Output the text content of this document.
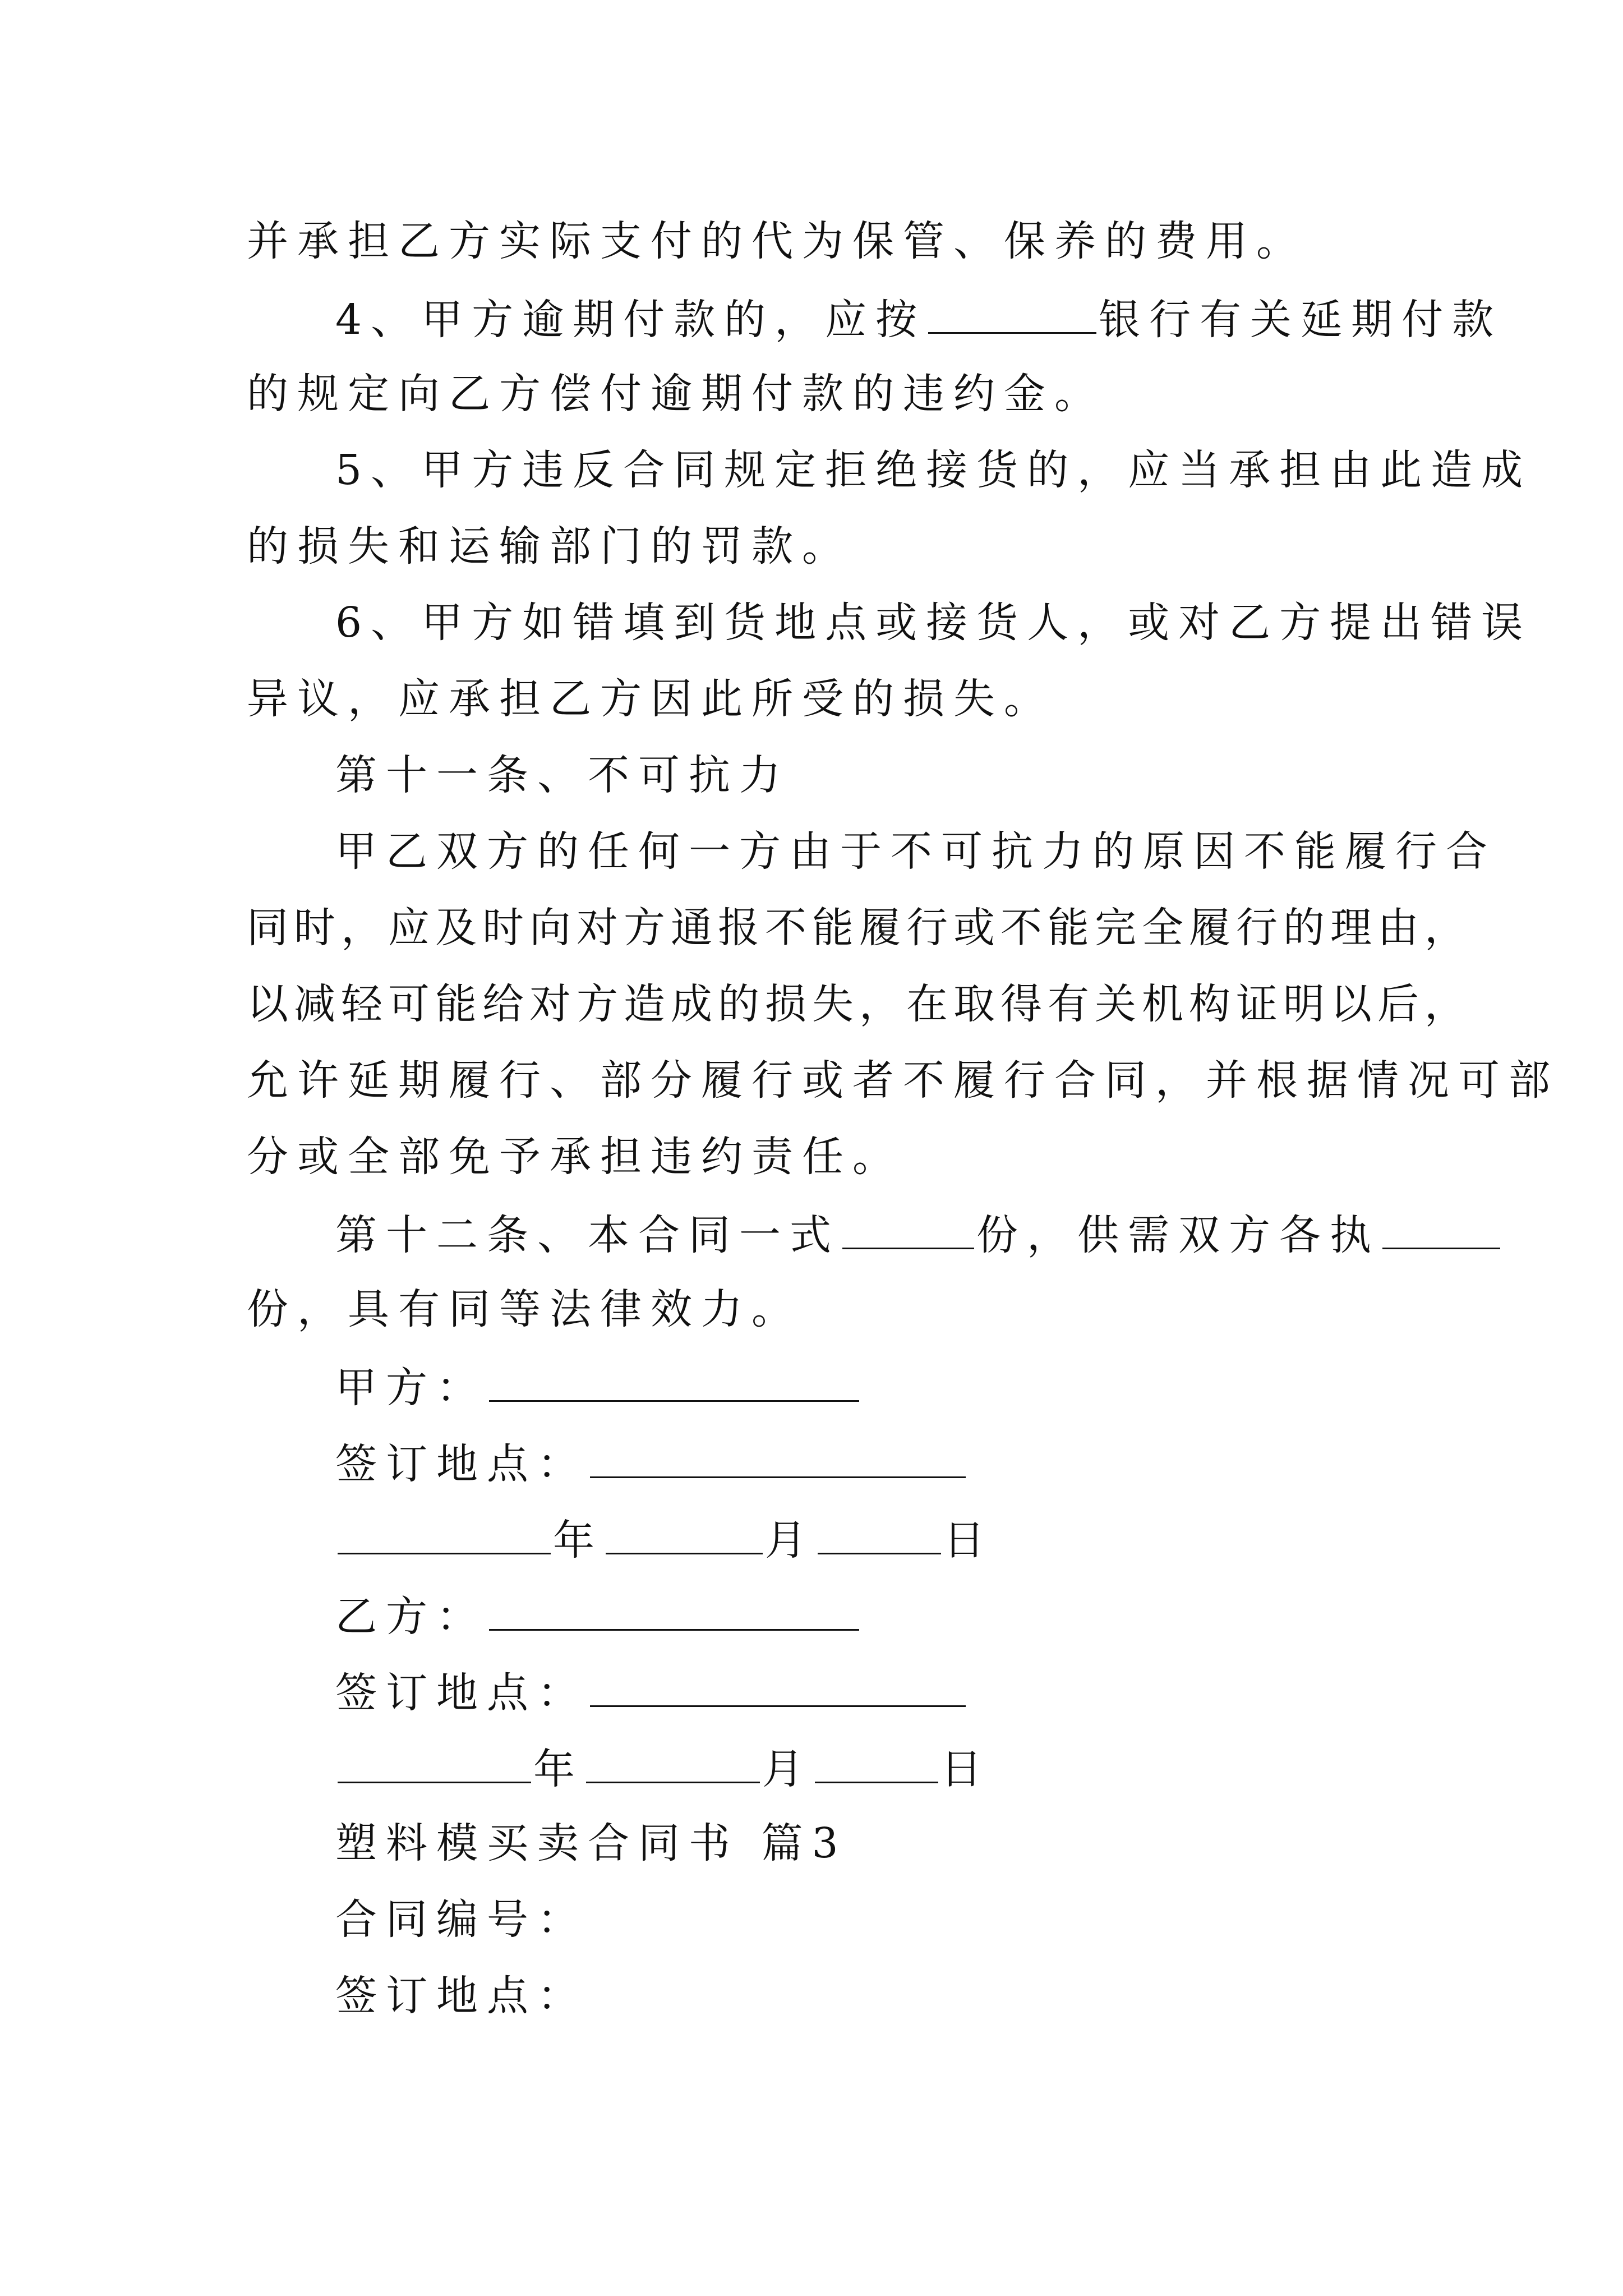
并承担乙方实际支付的代为保管、保养的费用。
4、甲方逾期付款的，应按	银行有关延期付款
的规定向乙方偿付逾期付款的违约金。
5、甲方违反合同规定拒绝接货的，应当承担由此造成
的损失和运输部门的罚款。
6、甲方如错填到货地点或接货人，或对乙方提出错误
异议，应承担乙方因此所受的损失。
第十一条、不可抗力
甲乙双方的任何一方由于不可抗力的原因不能履行合
同时，应及时向对方通报不能履行或不能完全履行的理由，
以减轻可能给对方造成的损失，在取得有关机构证明以后，
允许延期履行、部分履行或者不履行合同，并根据情况可部
分或全部免予承担违约责任。
第十二条、本合同一式	份，供需双方各执
份，具有同等法律效力。
甲方：
签订地点：
年	月	日
乙方：
签订地点：
年	月	日
塑料模买卖合同书 篇3
合同编号：
签订地点：
